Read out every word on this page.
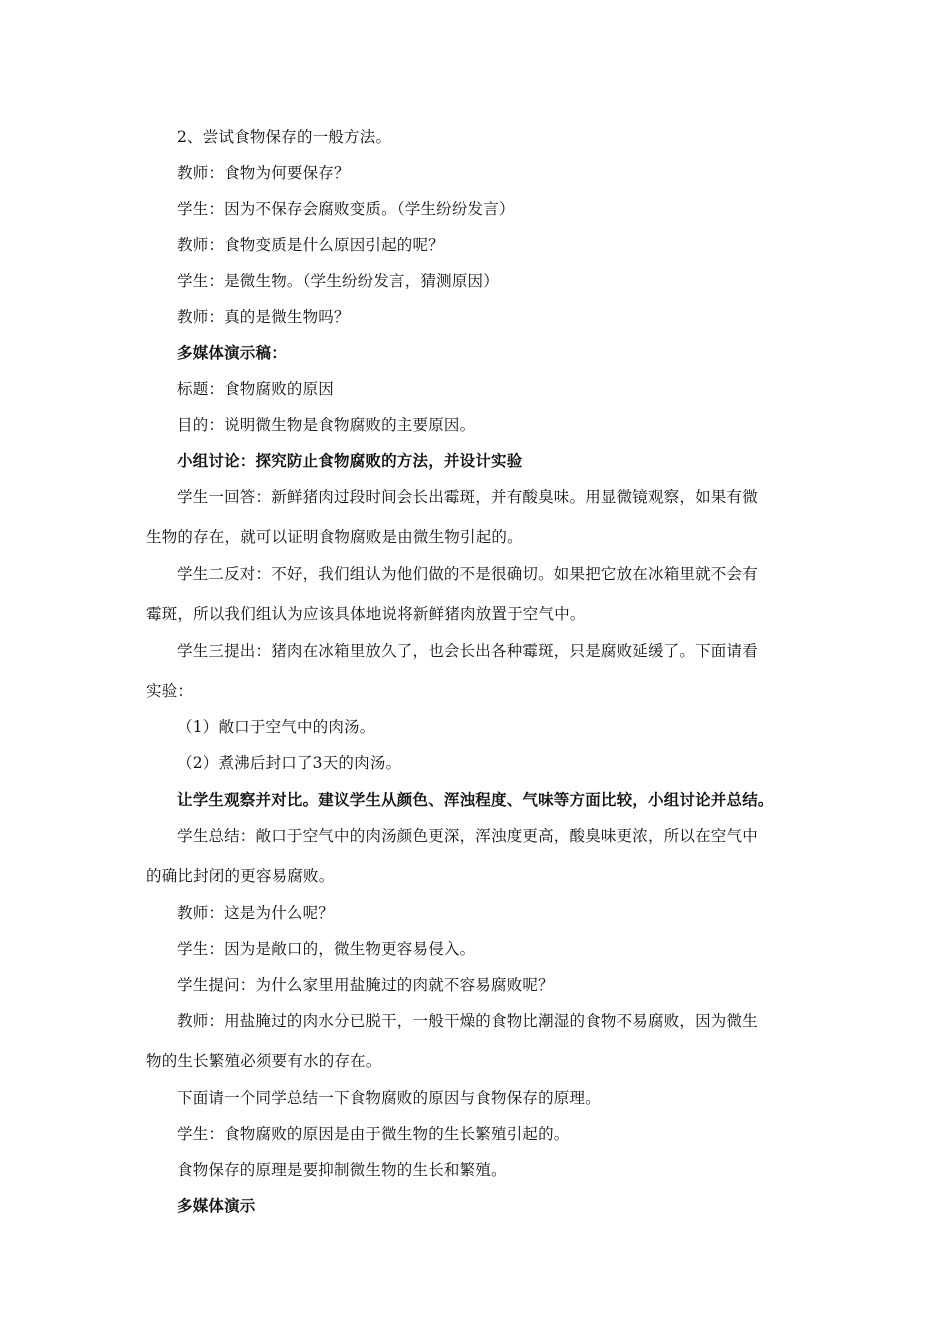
2、尝试食物保存的一般方法。
教师：食物为何要保存？
学生：因为不保存会腐败变质。（学生纷纷发言）
教师：食物变质是什么原因引起的呢？
学生：是微生物。（学生纷纷发言，猜测原因）
教师：真的是微生物吗？
多媒体演示稿：
标题：食物腐败的原因
目的：说明微生物是食物腐败的主要原因。
小组讨论：探究防止食物腐败的方法，并设计实验
学生一回答：新鲜猪肉过段时间会长出霉斑，并有酸臭味。用显微镜观察，如果有微
生物的存在，就可以证明食物腐败是由微生物引起的。
学生二反对：不好，我们组认为他们做的不是很确切。如果把它放在冰箱里就不会有
霉斑，所以我们组认为应该具体地说将新鲜猪肉放置于空气中。
学生三提出：猪肉在冰箱里放久了，也会长出各种霉斑，只是腐败延缓了。下面请看
实验：
（1）敞口于空气中的肉汤。
（2）煮沸后封口了3天的肉汤。
让学生观察并对比。建议学生从颜色、浑浊程度、气味等方面比较，小组讨论并总结。
学生总结：敞口于空气中的肉汤颜色更深，浑浊度更高，酸臭味更浓，所以在空气中
的确比封闭的更容易腐败。
教师：这是为什么呢？
学生：因为是敞口的，微生物更容易侵入。
学生提问：为什么家里用盐腌过的肉就不容易腐败呢？
教师：用盐腌过的肉水分已脱干，一般干燥的食物比潮湿的食物不易腐败，因为微生
物的生长繁殖必须要有水的存在。
下面请一个同学总结一下食物腐败的原因与食物保存的原理。
学生：食物腐败的原因是由于微生物的生长繁殖引起的。
食物保存的原理是要抑制微生物的生长和繁殖。
多媒体演示
